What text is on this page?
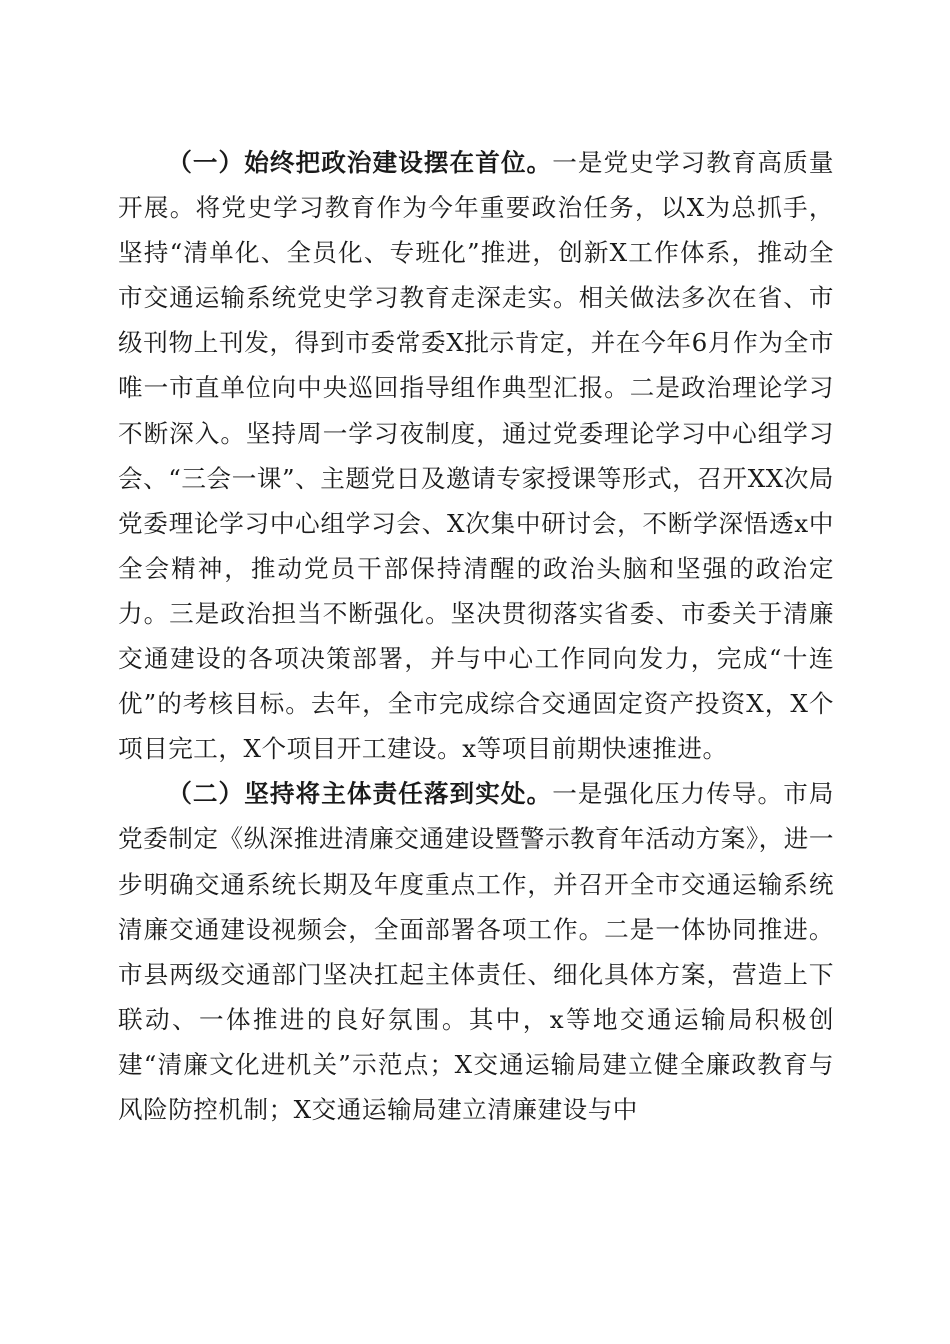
（一）始终把政治建设摆在首位。一是党史学习教育高质量开展。将党史学习教育作为今年重要政治任务，以X为总抓手，坚持“清单化、全员化、专班化”推进，创新X工作体系，推动全市交通运输系统党史学习教育走深走实。相关做法多次在省、市级刊物上刊发，得到市委常委X批示肯定，并在今年6月作为全市唯一市直单位向中央巡回指导组作典型汇报。二是政治理论学习不断深入。坚持周一学习夜制度，通过党委理论学习中心组学习会、“三会一课”、主题党日及邀请专家授课等形式，召开XX次局党委理论学习中心组学习会、X次集中研讨会，不断学深悟透x中全会精神，推动党员干部保持清醒的政治头脑和坚强的政治定力。三是政治担当不断强化。坚决贯彻落实省委、市委关于清廉交通建设的各项决策部署，并与中心工作同向发力，完成“十连优”的考核目标。去年，全市完成综合交通固定资产投资X，X个项目完工，X个项目开工建设。x等项目前期快速推进。

（二）坚持将主体责任落到实处。一是强化压力传导。市局党委制定《纵深推进清廉交通建设暨警示教育年活动方案》，进一步明确交通系统长期及年度重点工作，并召开全市交通运输系统清廉交通建设视频会，全面部署各项工作。二是一体协同推进。市县两级交通部门坚决扛起主体责任、细化具体方案，营造上下联动、一体推进的良好氛围。其中，x等地交通运输局积极创建“清廉文化进机关”示范点；X交通运输局建立健全廉政教育与风险防控机制；X交通运输局建立清廉建设与中
